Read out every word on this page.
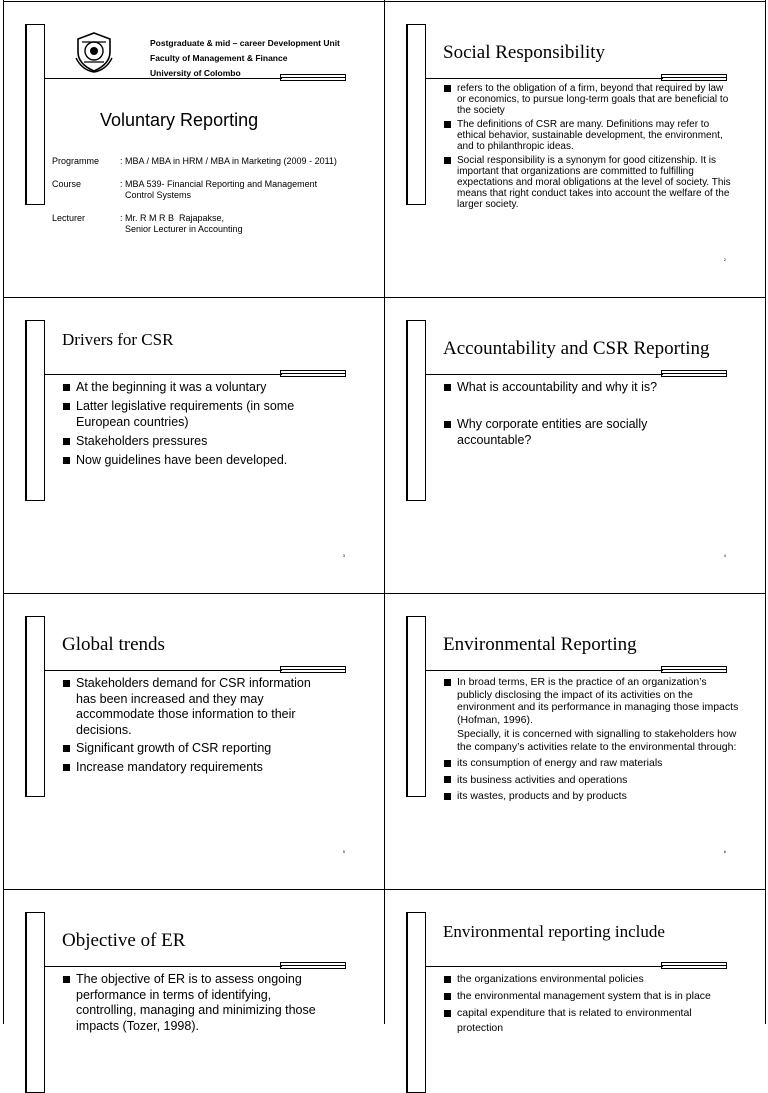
Postgraduate & mid – career Development Unit
Faculty of Management & Finance
University of Colombo
Voluntary Reporting
Programme	: MBA / MBA in HRM / MBA in Marketing (2009 - 2011)
Course	: MBA 539- Financial Reporting and Management
Control Systems
Lecturer	: Mr. R M R B  Rajapakse,
Senior Lecturer in Accounting
Social Responsibility
refers to the obligation of a firm, beyond that required by law or economics, to pursue long-term goals that are beneficial to the society
The definitions of CSR are many. Definitions may refer to ethical behavior, sustainable development, the environment, and to philanthropic ideas.
Social responsibility is a synonym for good citizenship. It is important that organizations are committed to fulfilling expectations and moral obligations at the level of society. This means that right conduct takes into account the welfare of the larger society.
2
Drivers for CSR
At the beginning it was a voluntary
Latter legislative requirements (in some European countries)
Stakeholders pressures
Now guidelines have been developed.
3
Accountability and CSR Reporting
What is accountability and why it is?
Why corporate entities are socially accountable?
4
Global trends
Stakeholders demand for CSR information has been increased and they may accommodate those information to their decisions.
Significant growth of CSR reporting
Increase mandatory requirements
5
Environmental Reporting
In broad terms, ER is the practice of an organization’s publicly disclosing the impact of its activities on the environment and its performance in managing those impacts (Hofman, 1996).
Specially, it is concerned with signalling to stakeholders how the company’s activities relate to the environmental through:
its consumption of energy and raw materials
its business activities and operations
its wastes, products and by products
6
Objective of ER
The objective of ER is to assess ongoing performance in terms of identifying, controlling, managing and minimizing those impacts (Tozer, 1998).
Environmental reporting include
the organizations environmental policies
the environmental management system that is in place
capital expenditure that is related to environmental protection
